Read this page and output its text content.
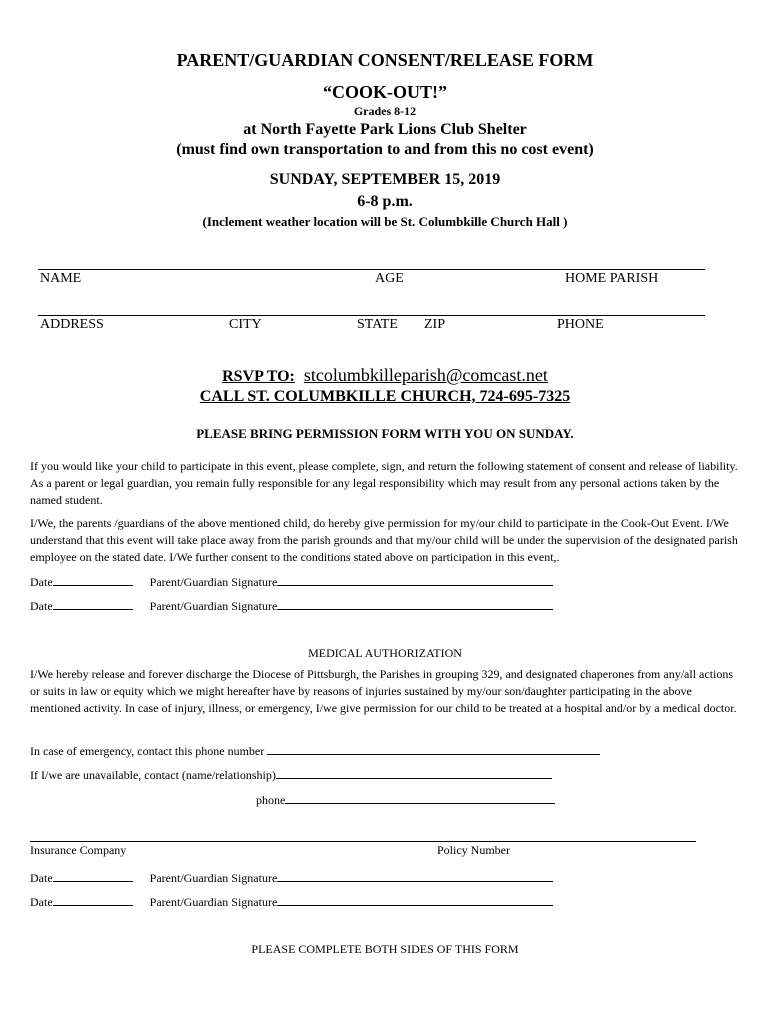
PARENT/GUARDIAN CONSENT/RELEASE FORM
“COOK-OUT!”
Grades 8-12
at North Fayette Park Lions Club Shelter
(must find own transportation to and from this no cost event)
SUNDAY, SEPTEMBER 15, 2019
6-8 p.m.
(Inclement weather location will be St. Columbkille Church Hall )
NAME	AGE	HOME PARISH
ADDRESS	CITY	STATE ZIP	PHONE
RSVP TO: stcolumbkilleparish@comcast.net
CALL ST. COLUMBKILLE CHURCH, 724-695-7325
PLEASE BRING PERMISSION FORM WITH YOU ON SUNDAY.
If you would like your child to participate in this event, please complete, sign, and return the following statement of consent and release of liability. As a parent or legal guardian, you remain fully responsible for any legal responsibility which may result from any personal actions taken by the named student.
I/We, the parents /guardians of the above mentioned child, do hereby give permission for my/our child to participate in the Cook-Out Event. I/We understand that this event will take place away from the parish grounds and that my/our child will be under the supervision of the designated parish employee on the stated date. I/We further consent to the conditions stated above on participation in this event,.
Date	Parent/Guardian Signature
Date	Parent/Guardian Signature
MEDICAL AUTHORIZATION
I/We hereby release and forever discharge the Diocese of Pittsburgh, the Parishes in grouping 329, and designated chaperones from any/all actions or suits in law or equity which we might hereafter have by reasons of injuries sustained by my/our son/daughter participating in the above mentioned activity. In case of injury, illness, or emergency, I/we give permission for our child to be treated at a hospital and/or by a medical doctor.
In case of emergency, contact this phone number
If I/we are unavailable, contact (name/relationship)
phone
Insurance Company	Policy Number
Date	Parent/Guardian Signature
Date	Parent/Guardian Signature
PLEASE COMPLETE BOTH SIDES OF THIS FORM
